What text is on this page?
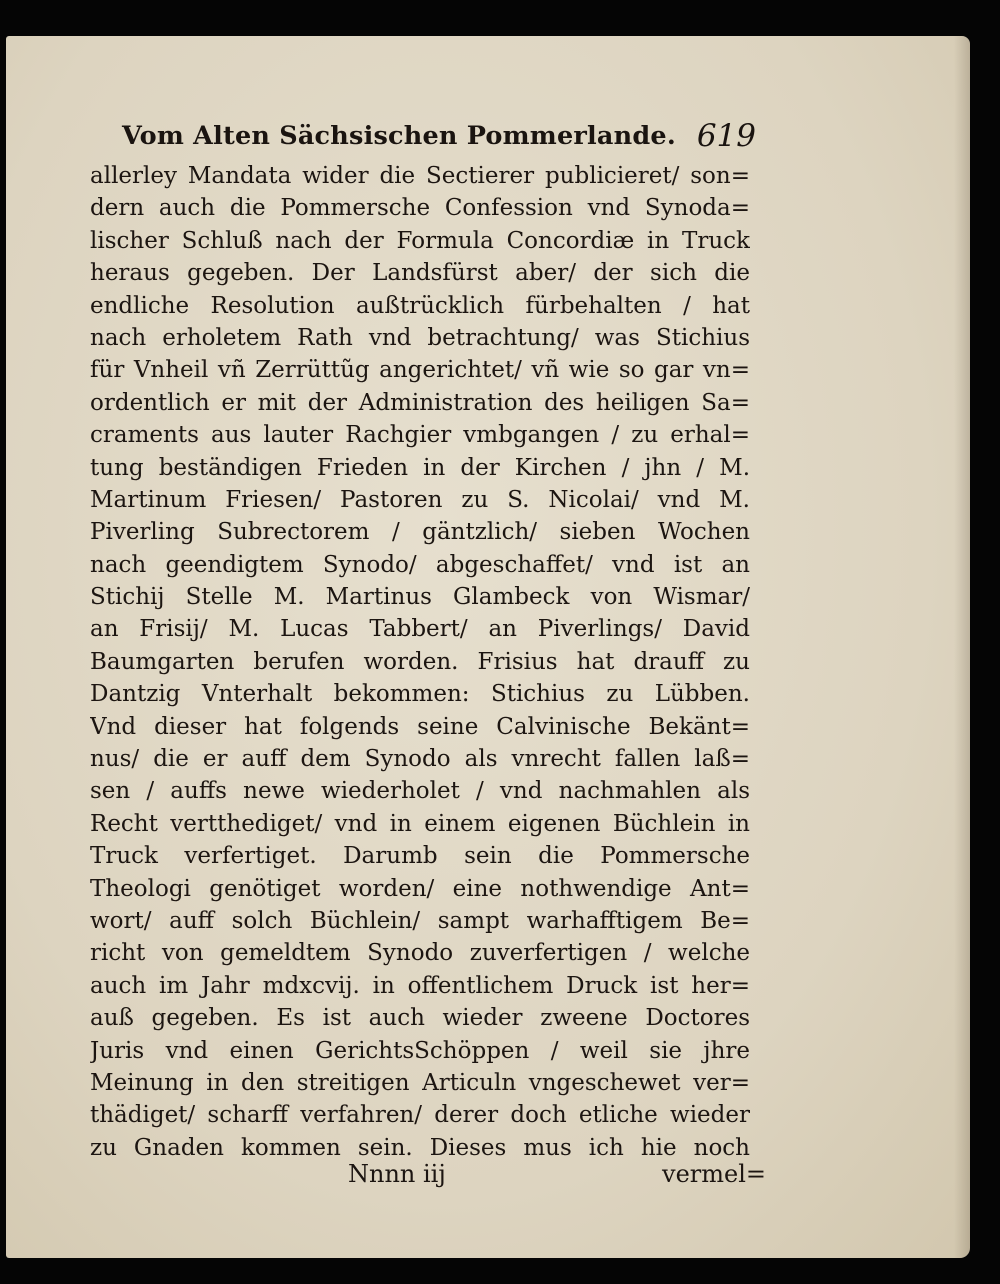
Vom Alten Sächsischen Pommerlande. 619
allerley Mandata wider die Sectierer publicieret/ son=
dern auch die Pommersche Confession vnd Synoda=
lischer Schluß nach der Formula Concordiæ in Truck
heraus gegeben. Der Landsfürst aber/ der sich die
endliche Resolution außtrücklich fürbehalten / hat
nach erholetem Rath vnd betrachtung/ was Stichius
für Vnheil vñ Zerrüttũg angerichtet/ vñ wie so gar vn=
ordentlich er mit der Administration des heiligen Sa=
craments aus lauter Rachgier vmbgangen / zu erhal=
tung beständigen Frieden in der Kirchen / jhn / M.
Martinum Friesen/ Pastoren zu S. Nicolai/ vnd M.
Piverling Subrectorem / gäntzlich/ sieben Wochen
nach geendigtem Synodo/ abgeschaffet/ vnd ist an
Stichij Stelle M. Martinus Glambeck von Wismar/
an Frisij/ M. Lucas Tabbert/ an Piverlings/ David
Baumgarten berufen worden. Frisius hat drauff zu
Dantzig Vnterhalt bekommen: Stichius zu Lübben.
Vnd dieser hat folgends seine Calvinische Bekänt=
nus/ die er auff dem Synodo als vnrecht fallen laß=
sen / auffs newe wiederholet / vnd nachmahlen als
Recht vertthediget/ vnd in einem eigenen Büchlein in
Truck verfertiget. Darumb sein die Pommersche
Theologi genötiget worden/ eine nothwendige Ant=
wort/ auff solch Büchlein/ sampt warhafftigem Be=
richt von gemeldtem Synodo zuverfertigen / welche
auch im Jahr mdxcvij. in offentlichem Druck ist her=
auß gegeben. Es ist auch wieder zweene Doctores
Juris vnd einen GerichtsSchöppen / weil sie jhre
Meinung in den streitigen Articuln vngeschewet ver=
thädiget/ scharff verfahren/ derer doch etliche wieder
zu Gnaden kommen sein. Dieses mus ich hie noch
Nnnn iij	vermel=
